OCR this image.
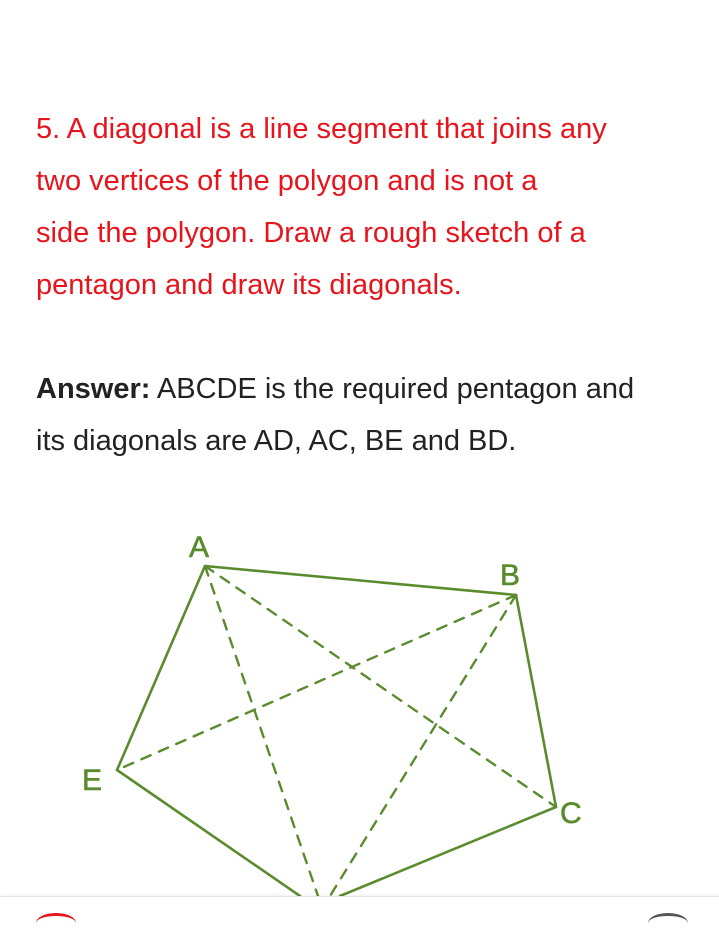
5. A diagonal is a line segment that joins any
two vertices of the polygon and is not a
side the polygon. Draw a rough sketch of a
pentagon and draw its diagonals.
Answer: ABCDE is the required pentagon and
its diagonals are AD, AC, BE and BD.
A
B
C
E
